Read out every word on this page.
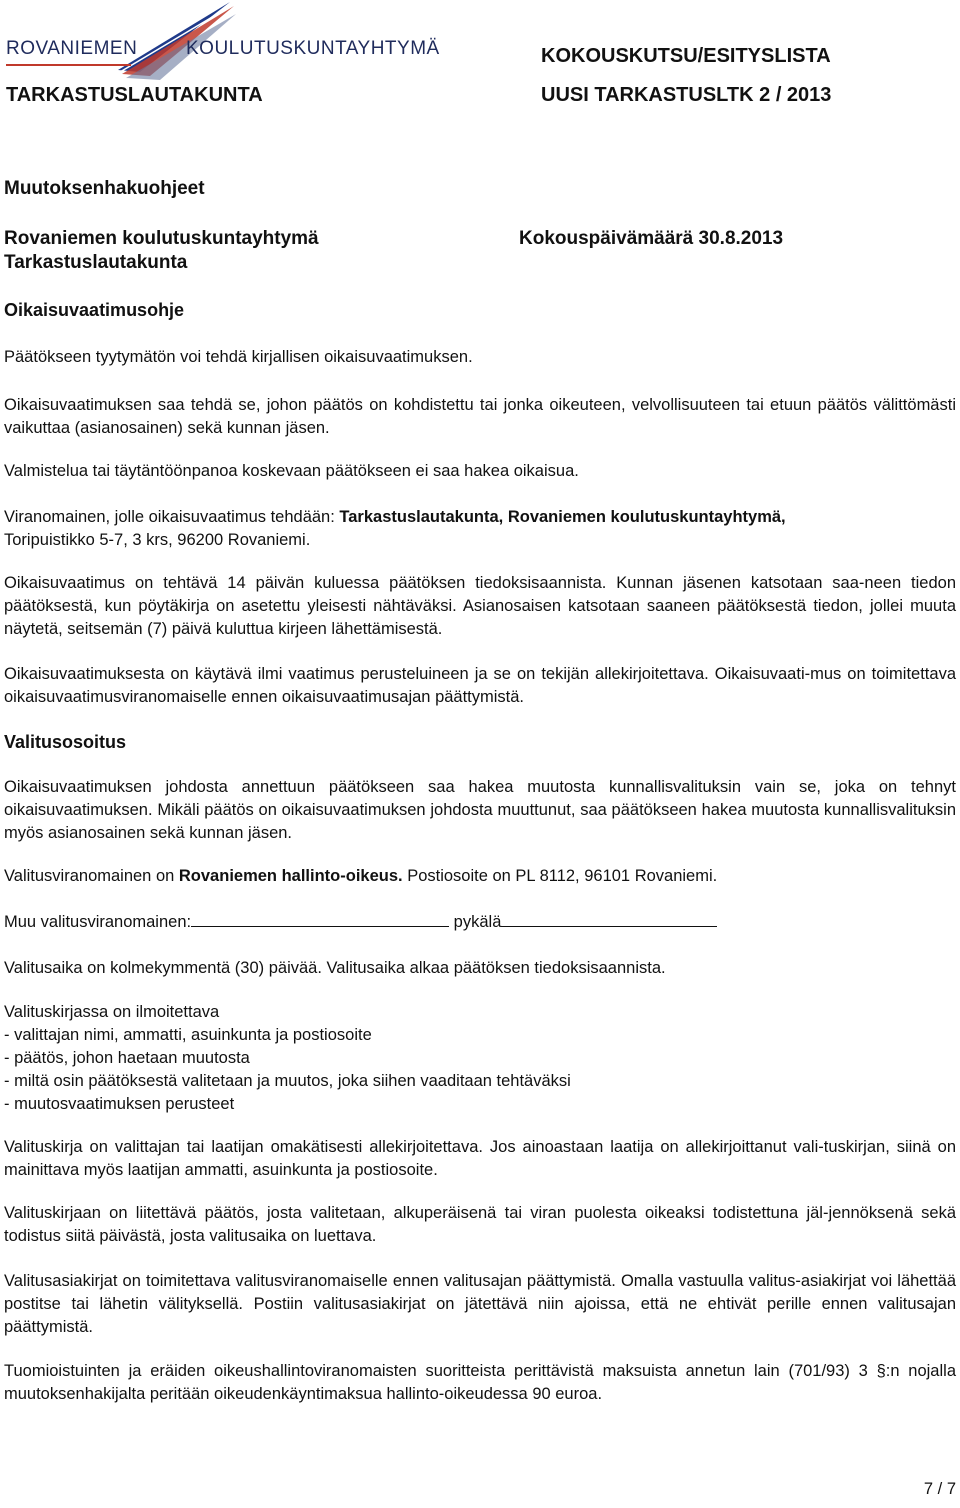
ROVANIEMEN	KOULUTUSKUNTAYHTYMÄ	KOKOUSKUTSU/ESITYSLISTA
TARKASTUSLAUTAKUNTA	UUSI TARKASTUSLTK 2 / 2013
Muutoksenhakuohjeet
Rovaniemen koulutuskuntayhtymä	Kokouspäivämäärä 30.8.2013
Tarkastuslautakunta
Oikaisuvaatimusohje
Päätökseen tyytymätön voi tehdä kirjallisen oikaisuvaatimuksen.
Oikaisuvaatimuksen saa tehdä se, johon päätös on kohdistettu tai jonka oikeuteen, velvollisuuteen tai etuun päätös välittömästi vaikuttaa (asianosainen) sekä kunnan jäsen.
Valmistelua tai täytäntöönpanoa koskevaan päätökseen ei saa hakea oikaisua.
Viranomainen, jolle oikaisuvaatimus tehdään: Tarkastuslautakunta, Rovaniemen koulutuskuntayhtymä,
Toripuistikko 5-7, 3 krs, 96200 Rovaniemi.
Oikaisuvaatimus on tehtävä 14 päivän kuluessa päätöksen tiedoksisaannista. Kunnan jäsenen katsotaan saa-neen tiedon päätöksestä, kun pöytäkirja on asetettu yleisesti nähtäväksi. Asianosaisen katsotaan saaneen päätöksestä tiedon, jollei muuta näytetä, seitsemän (7) päivä kuluttua kirjeen lähettämisestä.
Oikaisuvaatimuksesta on käytävä ilmi vaatimus perusteluineen ja se on tekijän allekirjoitettava. Oikaisuvaati-mus on toimitettava oikaisuvaatimusviranomaiselle ennen oikaisuvaatimusajan päättymistä.
Valitusosoitus
Oikaisuvaatimuksen johdosta annettuun päätökseen saa hakea muutosta kunnallisvalituksin vain se, joka on tehnyt oikaisuvaatimuksen. Mikäli päätös on oikaisuvaatimuksen johdosta muuttunut, saa päätökseen hakea muutosta kunnallisvalituksin myös asianosainen sekä kunnan jäsen.
Valitusviranomainen on Rovaniemen hallinto-oikeus. Postiosoite on PL 8112, 96101 Rovaniemi.
Muu valitusviranomainen:	pykälä
Valitusaika on kolmekymmentä (30) päivää. Valitusaika alkaa päätöksen tiedoksisaannista.
Valituskirjassa on ilmoitettava
- valittajan nimi, ammatti, asuinkunta ja postiosoite
- päätös, johon haetaan muutosta
- miltä osin päätöksestä valitetaan ja muutos, joka siihen vaaditaan tehtäväksi
- muutosvaatimuksen perusteet
Valituskirja on valittajan tai laatijan omakätisesti allekirjoitettava. Jos ainoastaan laatija on allekirjoittanut vali-tuskirjan, siinä on mainittava myös laatijan ammatti, asuinkunta ja postiosoite.
Valituskirjaan on liitettävä päätös, josta valitetaan, alkuperäisenä tai viran puolesta oikeaksi todistettuna jäl-jennöksenä sekä todistus siitä päivästä, josta valitusaika on luettava.
Valitusasiakirjat on toimitettava valitusviranomaiselle ennen valitusajan päättymistä. Omalla vastuulla valitus-asiakirjat voi lähettää postitse tai lähetin välityksellä. Postiin valitusasiakirjat on jätettävä niin ajoissa, että ne ehtivät perille ennen valitusajan päättymistä.
Tuomioistuinten ja eräiden oikeushallintoviranomaisten suoritteista perittävistä maksuista annetun lain (701/93) 3 §:n nojalla muutoksenhakijalta peritään oikeudenkäyntimaksua hallinto-oikeudessa 90 euroa.
7 / 7
